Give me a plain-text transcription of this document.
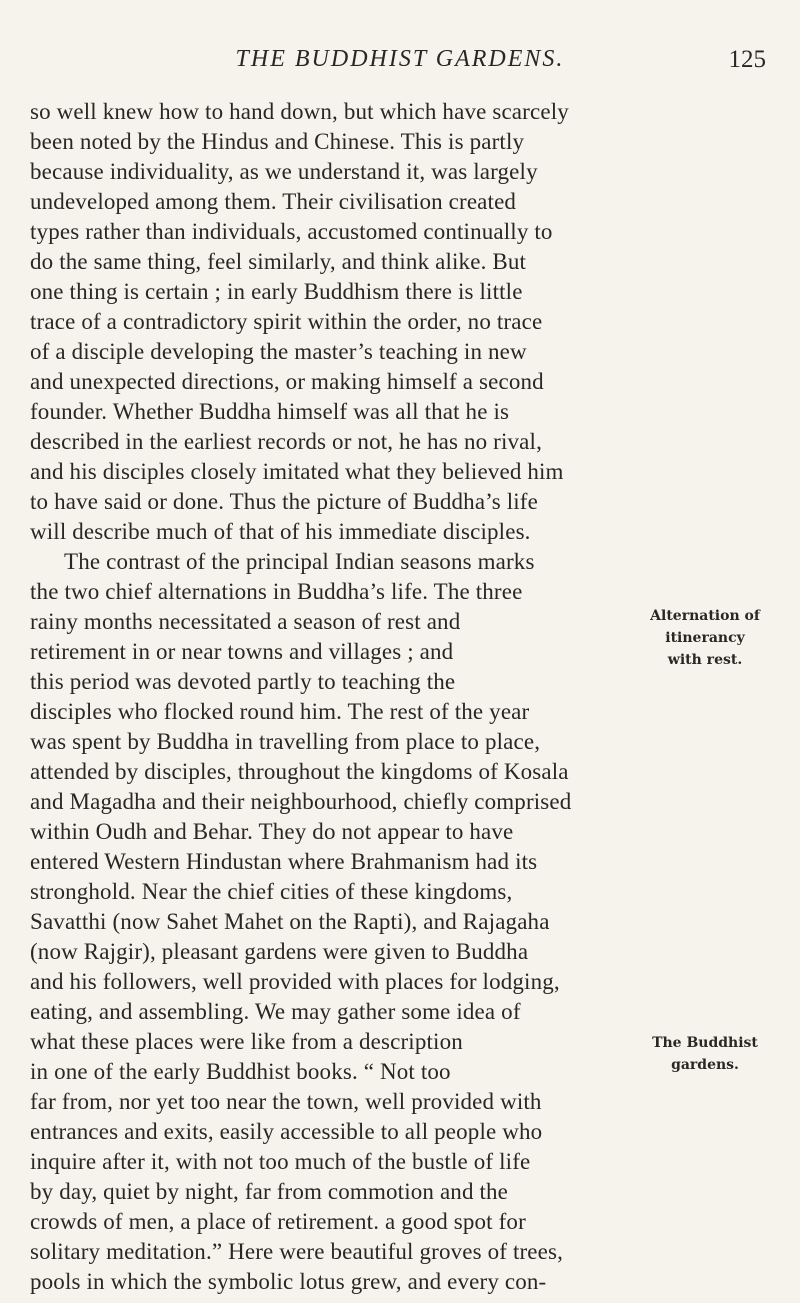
THE BUDDHIST GARDENS.	125
so well knew how to hand down, but which have scarcely
been noted by the Hindus and Chinese. This is partly
because individuality, as we understand it, was largely
undeveloped among them. Their civilisation created
types rather than individuals, accustomed continually to
do the same thing, feel similarly, and think alike. But
one thing is certain ; in early Buddhism there is little
trace of a contradictory spirit within the order, no trace
of a disciple developing the master’s teaching in new
and unexpected directions, or making himself a second
founder. Whether Buddha himself was all that he is
described in the earliest records or not, he has no rival,
and his disciples closely imitated what they believed him
to have said or done. Thus the picture of Buddha’s life
will describe much of that of his immediate disciples.
The contrast of the principal Indian seasons marks
the two chief alternations in Buddha’s life. The three
rainy months necessitated a season of rest and
retirement in or near towns and villages ; and
this period was devoted partly to teaching the
disciples who flocked round him. The rest of the year
was spent by Buddha in travelling from place to place,
attended by disciples, throughout the kingdoms of Kosala
and Magadha and their neighbourhood, chiefly comprised
within Oudh and Behar. They do not appear to have
entered Western Hindustan where Brahmanism had its
stronghold. Near the chief cities of these kingdoms,
Savatthi (now Sahet Mahet on the Rapti), and Rajagaha
(now Rajgir), pleasant gardens were given to Buddha
and his followers, well provided with places for lodging,
eating, and assembling. We may gather some idea of
what these places were like from a description
in one of the early Buddhist books. “ Not too
far from, nor yet too near the town, well provided with
entrances and exits, easily accessible to all people who
inquire after it, with not too much of the bustle of life
by day, quiet by night, far from commotion and the
crowds of men, a place of retirement. a good spot for
solitary meditation.” Here were beautiful groves of trees,
pools in which the symbolic lotus grew, and every con-
Alternation of
itinerancy
with rest.
The Buddhist
gardens.
